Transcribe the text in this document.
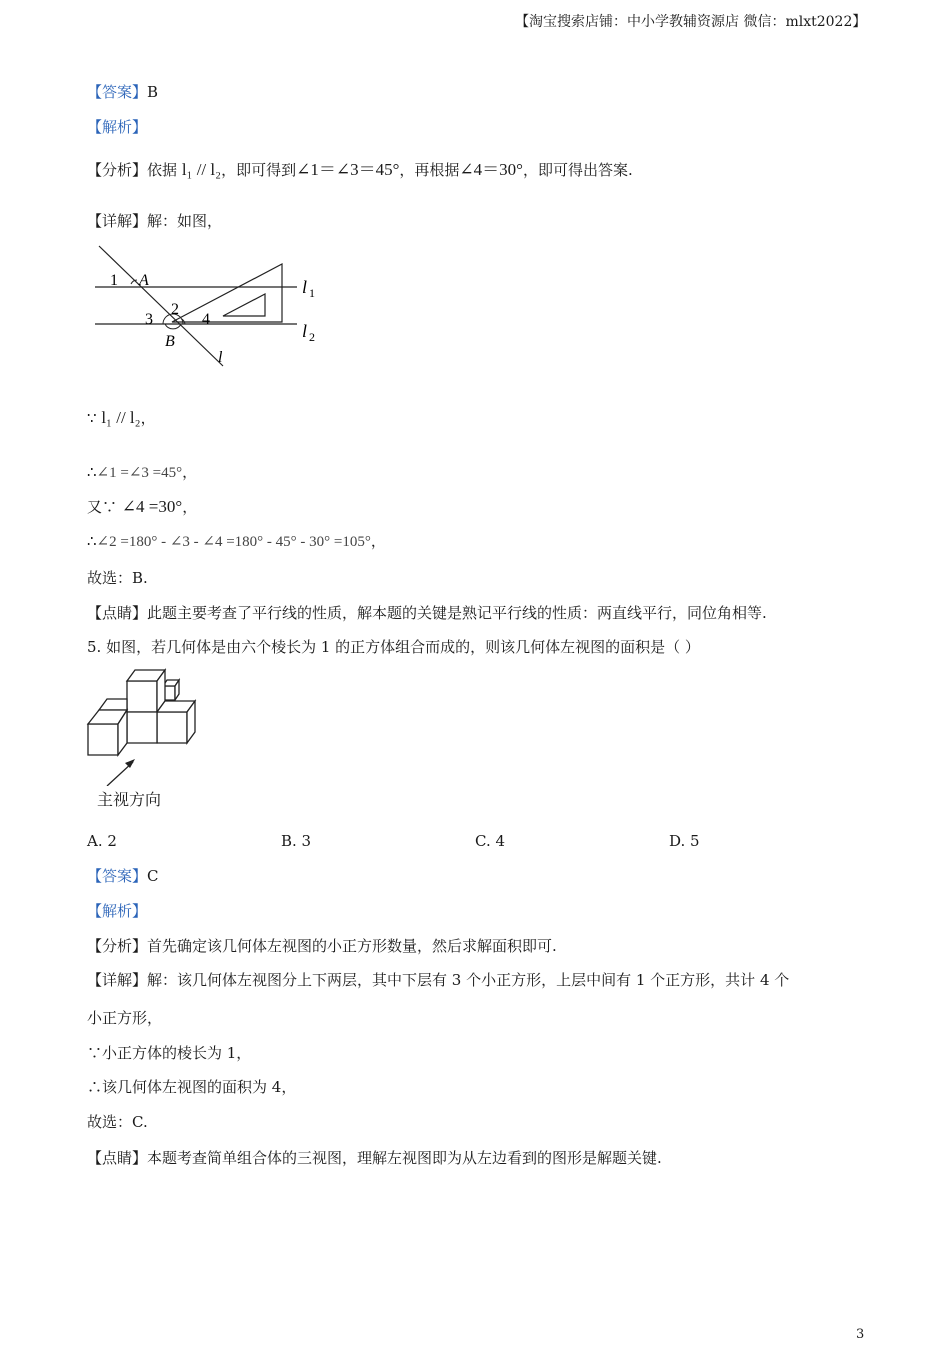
【淘宝搜索店铺：中小学教辅资源店 微信：mlxt2022】
【答案】B
【解析】
【分析】依据 l₁ // l₂，即可得到∠1＝∠3＝45°，再根据∠4＝30°，即可得出答案.
【详解】解：如图，
1 A
2
3	4
B
l
l 1
l 2
∵ l₁ // l₂，
∴∠1 =∠3 =45°，
又∵ ∠4 =30°，
∴∠2 =180° - ∠3 - ∠4 =180° - 45° - 30° =105°，
故选：B.
【点睛】此题主要考查了平行线的性质，解本题的关键是熟记平行线的性质：两直线平行，同位角相等.
5. 如图，若几何体是由六个棱长为 1 的正方体组合而成的，则该几何体左视图的面积是（ ）
主视方向
A. 2	B. 3	C. 4	D. 5
【答案】C
【解析】
【分析】首先确定该几何体左视图的小正方形数量，然后求解面积即可.
【详解】解：该几何体左视图分上下两层，其中下层有 3 个小正方形，上层中间有 1 个正方形，共计 4 个
小正方形，
∵小正方体的棱长为 1，
∴该几何体左视图的面积为 4，
故选：C.
【点睛】本题考查简单组合体的三视图，理解左视图即为从左边看到的图形是解题关键.
3
